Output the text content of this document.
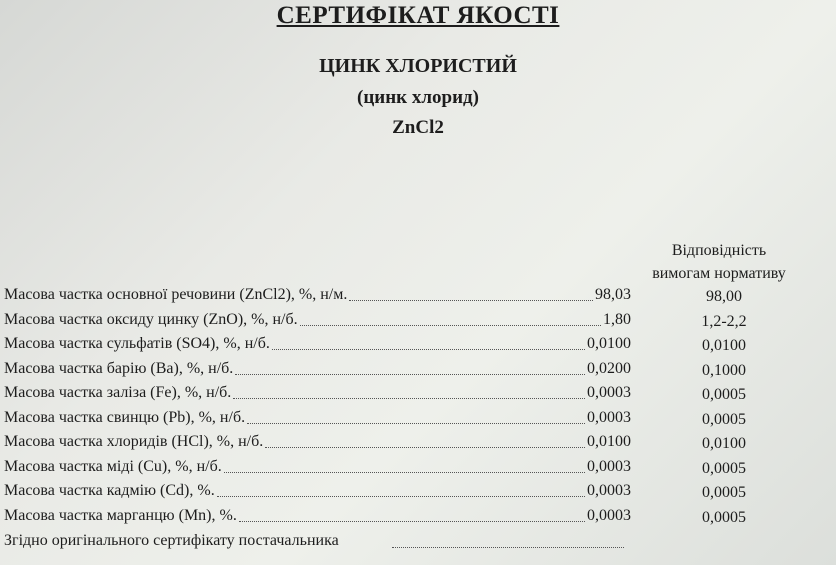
СЕРТИФІКАТ ЯКОСТІ
ЦИНК ХЛОРИСТИЙ
(цинк хлорид)
ZnCl2
Відповідність
вимогам нормативу
Масова частка основної речовини (ZnCl2), %, н/м.	98,03	98,00
Масова частка оксиду цинку (ZnO), %, н/б.	1,80	1,2-2,2
Масова частка сульфатів (SO4), %, н/б.	0,0100	0,0100
Масова частка барію (Ba), %, н/б.	0,0200	0,1000
Масова частка заліза (Fe), %, н/б.	0,0003	0,0005
Масова частка свинцю (Pb), %, н/б.	0,0003	0,0005
Масова частка хлоридів (HCl), %, н/б.	0,0100	0,0100
Масова частка міді (Cu), %, н/б.	0,0003	0,0005
Масова частка кадмію (Cd), %.	0,0003	0,0005
Масова частка марганцю (Mn), %.	0,0003	0,0005
Згідно оригінального сертифікату постачальника
